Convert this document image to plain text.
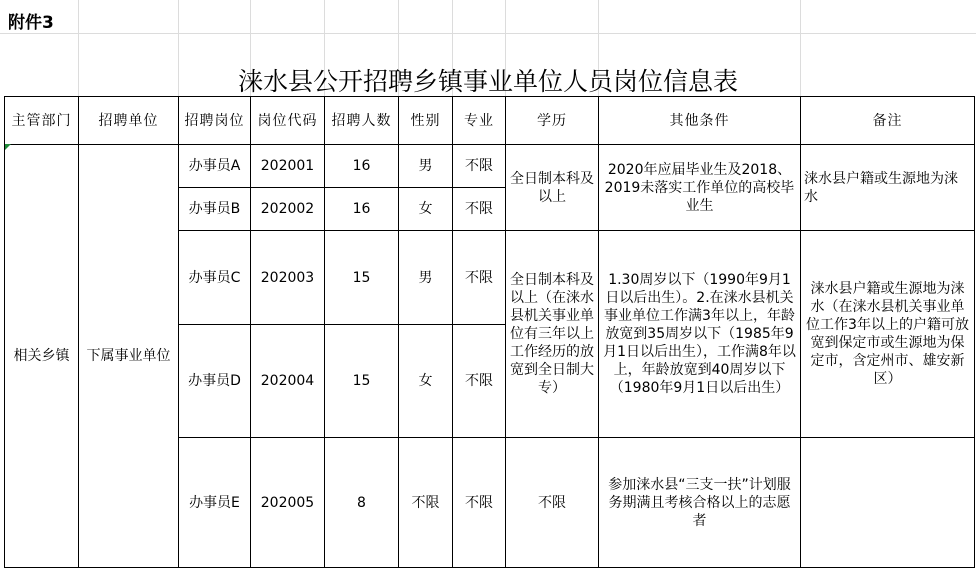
附件3
涞水县公开招聘乡镇事业单位人员岗位信息表
主管部门	招聘单位	招聘岗位	岗位代码	招聘人数	性别	专业	学历	其他条件	备注
相关乡镇	下属事业单位	办事员A	202001	16	男	不限	全日制本科及以上	2020年应届毕业生及2018、2019未落实工作单位的高校毕业生	涞水县户籍或生源地为涞水
		办事员B	202002	16	女	不限			
		办事员C	202003	15	男	不限	全日制本科及以上（在涞水县机关事业单位有三年以上工作经历的放宽到全日制大专）	1.30周岁以下（1990年9月1日以后出生）。2.在涞水县机关事业单位工作满3年以上，年龄放宽到35周岁以下（1985年9月1日以后出生），工作满8年以上，年龄放宽到40周岁以下（1980年9月1日以后出生）	涞水县户籍或生源地为涞水（在涞水县机关事业单位工作3年以上的户籍可放宽到保定市或生源地为保定市，含定州市、雄安新区）
		办事员D	202004	15	女	不限			
		办事员E	202005	8	不限	不限	不限	参加涞水县“三支一扶”计划服务期满且考核合格以上的志愿者	
